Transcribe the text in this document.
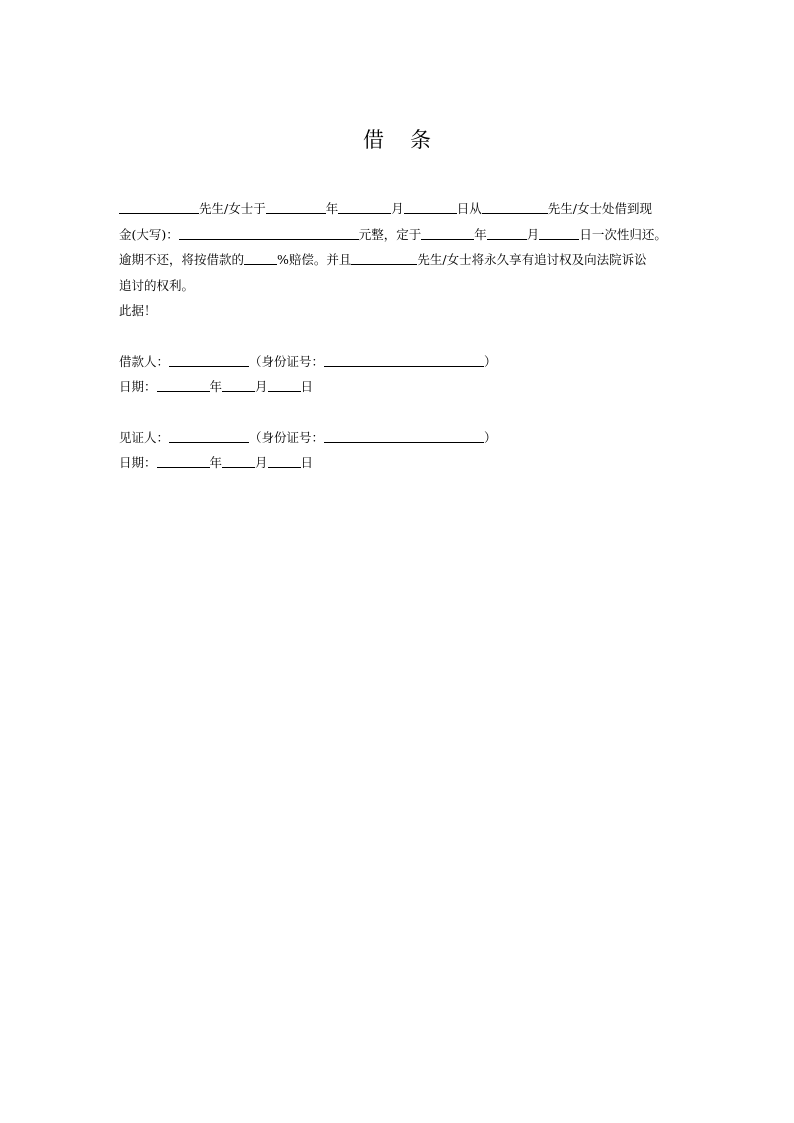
借 条
先生/女士于	年	月	日从	先生/女士处借到现
金(大写)：	元整，定于	年	月	日一次性归还。
逾期不还，将按借款的	%赔偿。并且	先生/女士将永久享有追讨权及向法院诉讼
追讨的权利。
此据！
借款人：	（身份证号：	）
日期：	年	月	日
见证人：	（身份证号：	）
日期：	年	月	日
